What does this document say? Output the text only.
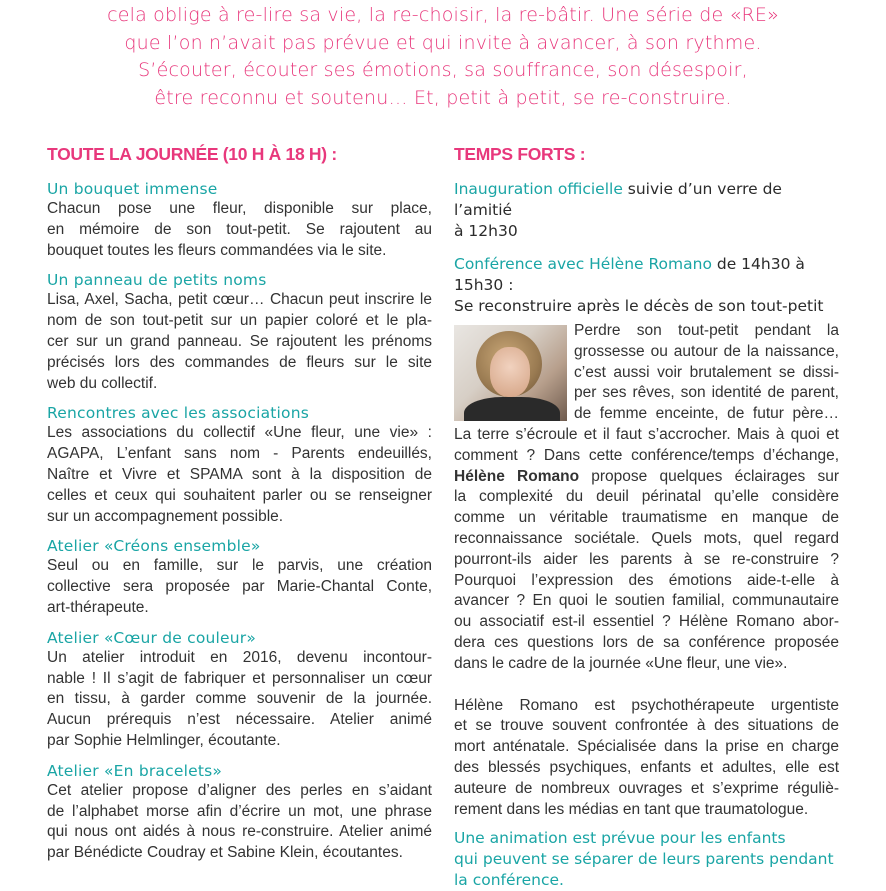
cela oblige à re-lire sa vie, la re-choisir, la re-bâtir. Une série de «RE»
que l’on n’avait pas prévue et qui invite à avancer, à son rythme.
S’écouter, écouter ses émotions, sa souffrance, son désespoir,
être reconnu et soutenu… Et, petit à petit, se re-construire.
TOUTE LA JOURNÉE (10 H À 18 H) :
Un bouquet immense
Chacun pose une fleur, disponible sur place,
en mémoire de son tout-petit. Se rajoutent au
bouquet toutes les fleurs commandées via le site.
Un panneau de petits noms
Lisa, Axel, Sacha, petit cœur… Chacun peut inscrire le
nom de son tout-petit sur un papier coloré et le pla-
cer sur un grand panneau. Se rajoutent les prénoms
précisés lors des commandes de fleurs sur le site
web du collectif.
Rencontres avec les associations
Les associations du collectif «Une fleur, une vie» :
AGAPA, L’enfant sans nom - Parents endeuillés,
Naître et Vivre et SPAMA sont à la disposition de
celles et ceux qui souhaitent parler ou se renseigner
sur un accompagnement possible.
Atelier «Créons ensemble»
Seul ou en famille, sur le parvis, une création
collective sera proposée par Marie-Chantal Conte,
art-thérapeute.
Atelier «Cœur de couleur»
Un atelier introduit en 2016, devenu incontour-
nable ! Il s’agit de fabriquer et personnaliser un cœur
en tissu, à garder comme souvenir de la journée.
Aucun prérequis n’est nécessaire. Atelier animé
par Sophie Helmlinger, écoutante.
Atelier «En bracelets»
Cet atelier propose d’aligner des perles en s’aidant
de l’alphabet morse afin d’écrire un mot, une phrase
qui nous ont aidés à nous re-construire. Atelier animé
par Bénédicte Coudray et Sabine Klein, écoutantes.
TEMPS FORTS :
Inauguration officielle suivie d’un verre de l’amitié
à 12h30
Conférence avec Hélène Romano de 14h30 à 15h30 :
Se reconstruire après le décès de son tout-petit
Perdre son tout-petit pendant la
grossesse ou autour de la naissance,
c’est aussi voir brutalement se dissi-
per ses rêves, son identité de parent,
de femme enceinte, de futur père…
La terre s’écroule et il faut s’accrocher. Mais à quoi et
comment ? Dans cette conférence/temps d’échange,
Hélène Romano propose quelques éclairages sur
la complexité du deuil périnatal qu’elle considère
comme un véritable traumatisme en manque de
reconnaissance sociétale. Quels mots, quel regard
pourront-ils aider les parents à se re-construire ?
Pourquoi l’expression des émotions aide-t-elle à
avancer ? En quoi le soutien familial, communautaire
ou associatif est-il essentiel ? Hélène Romano abor-
dera ces questions lors de sa conférence proposée
dans le cadre de la journée «Une fleur, une vie».
Hélène Romano est psychothérapeute urgentiste
et se trouve souvent confrontée à des situations de
mort anténatale. Spécialisée dans la prise en charge
des blessés psychiques, enfants et adultes, elle est
auteure de nombreux ouvrages et s’exprime réguliè-
rement dans les médias en tant que traumatologue.
Une animation est prévue pour les enfants
qui peuvent se séparer de leurs parents pendant
la conférence.
